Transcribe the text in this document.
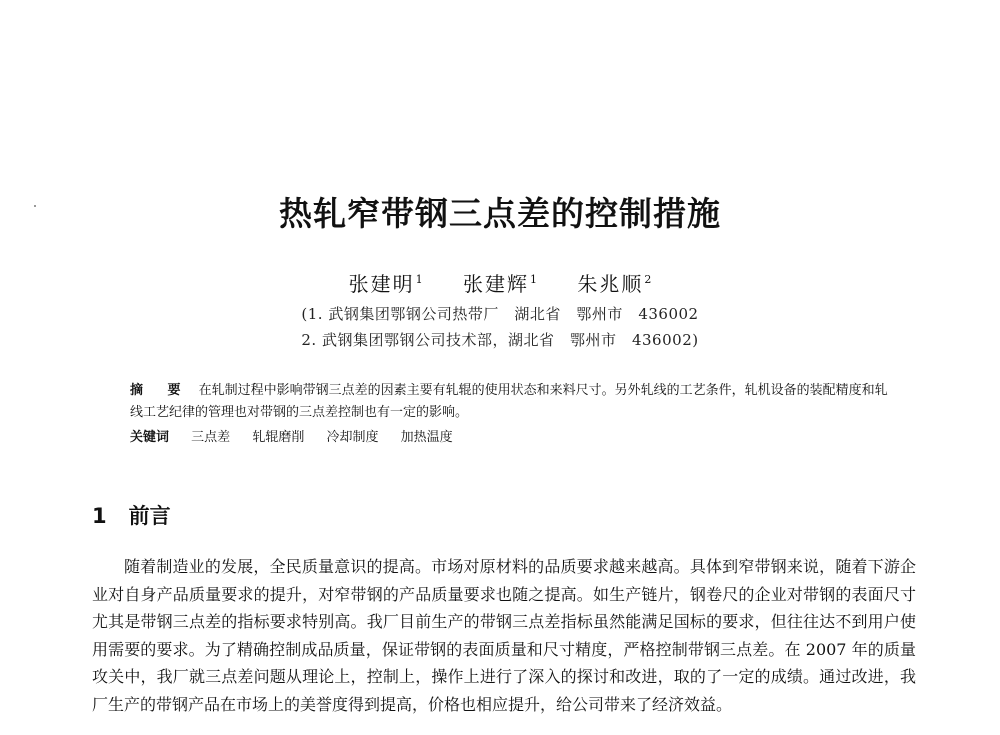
热轧窄带钢三点差的控制措施
张建明$^1$ 张建辉$^1$ 朱兆顺$^2$
(1. 武钢集团鄂钢公司热带厂　湖北省　鄂州市　436002
2. 武钢集团鄂钢公司技术部，湖北省　鄂州市　436002)
摘 要 在轧制过程中影响带钢三点差的因素主要有轧辊的使用状态和来料尺寸。另外轧线的工艺条件，轧机设备的装配精度和轧线工艺纪律的管理也对带钢的三点差控制也有一定的影响。
关键词 三点差 轧辊磨削 冷却制度 加热温度
1 前言
随着制造业的发展，全民质量意识的提高。市场对原材料的品质要求越来越高。具体到窄带钢来说，随着下游企业对自身产品质量要求的提升，对窄带钢的产品质量要求也随之提高。如生产链片，钢卷尺的企业对带钢的表面尺寸尤其是带钢三点差的指标要求特别高。我厂目前生产的带钢三点差指标虽然能满足国标的要求，但往往达不到用户使用需要的要求。为了精确控制成品质量，保证带钢的表面质量和尺寸精度，严格控制带钢三点差。在 2007 年的质量攻关中，我厂就三点差问题从理论上，控制上，操作上进行了深入的探讨和改进，取的了一定的成绩。通过改进，我厂生产的带钢产品在市场上的美誉度得到提高，价格也相应提升，给公司带来了经济效益。
